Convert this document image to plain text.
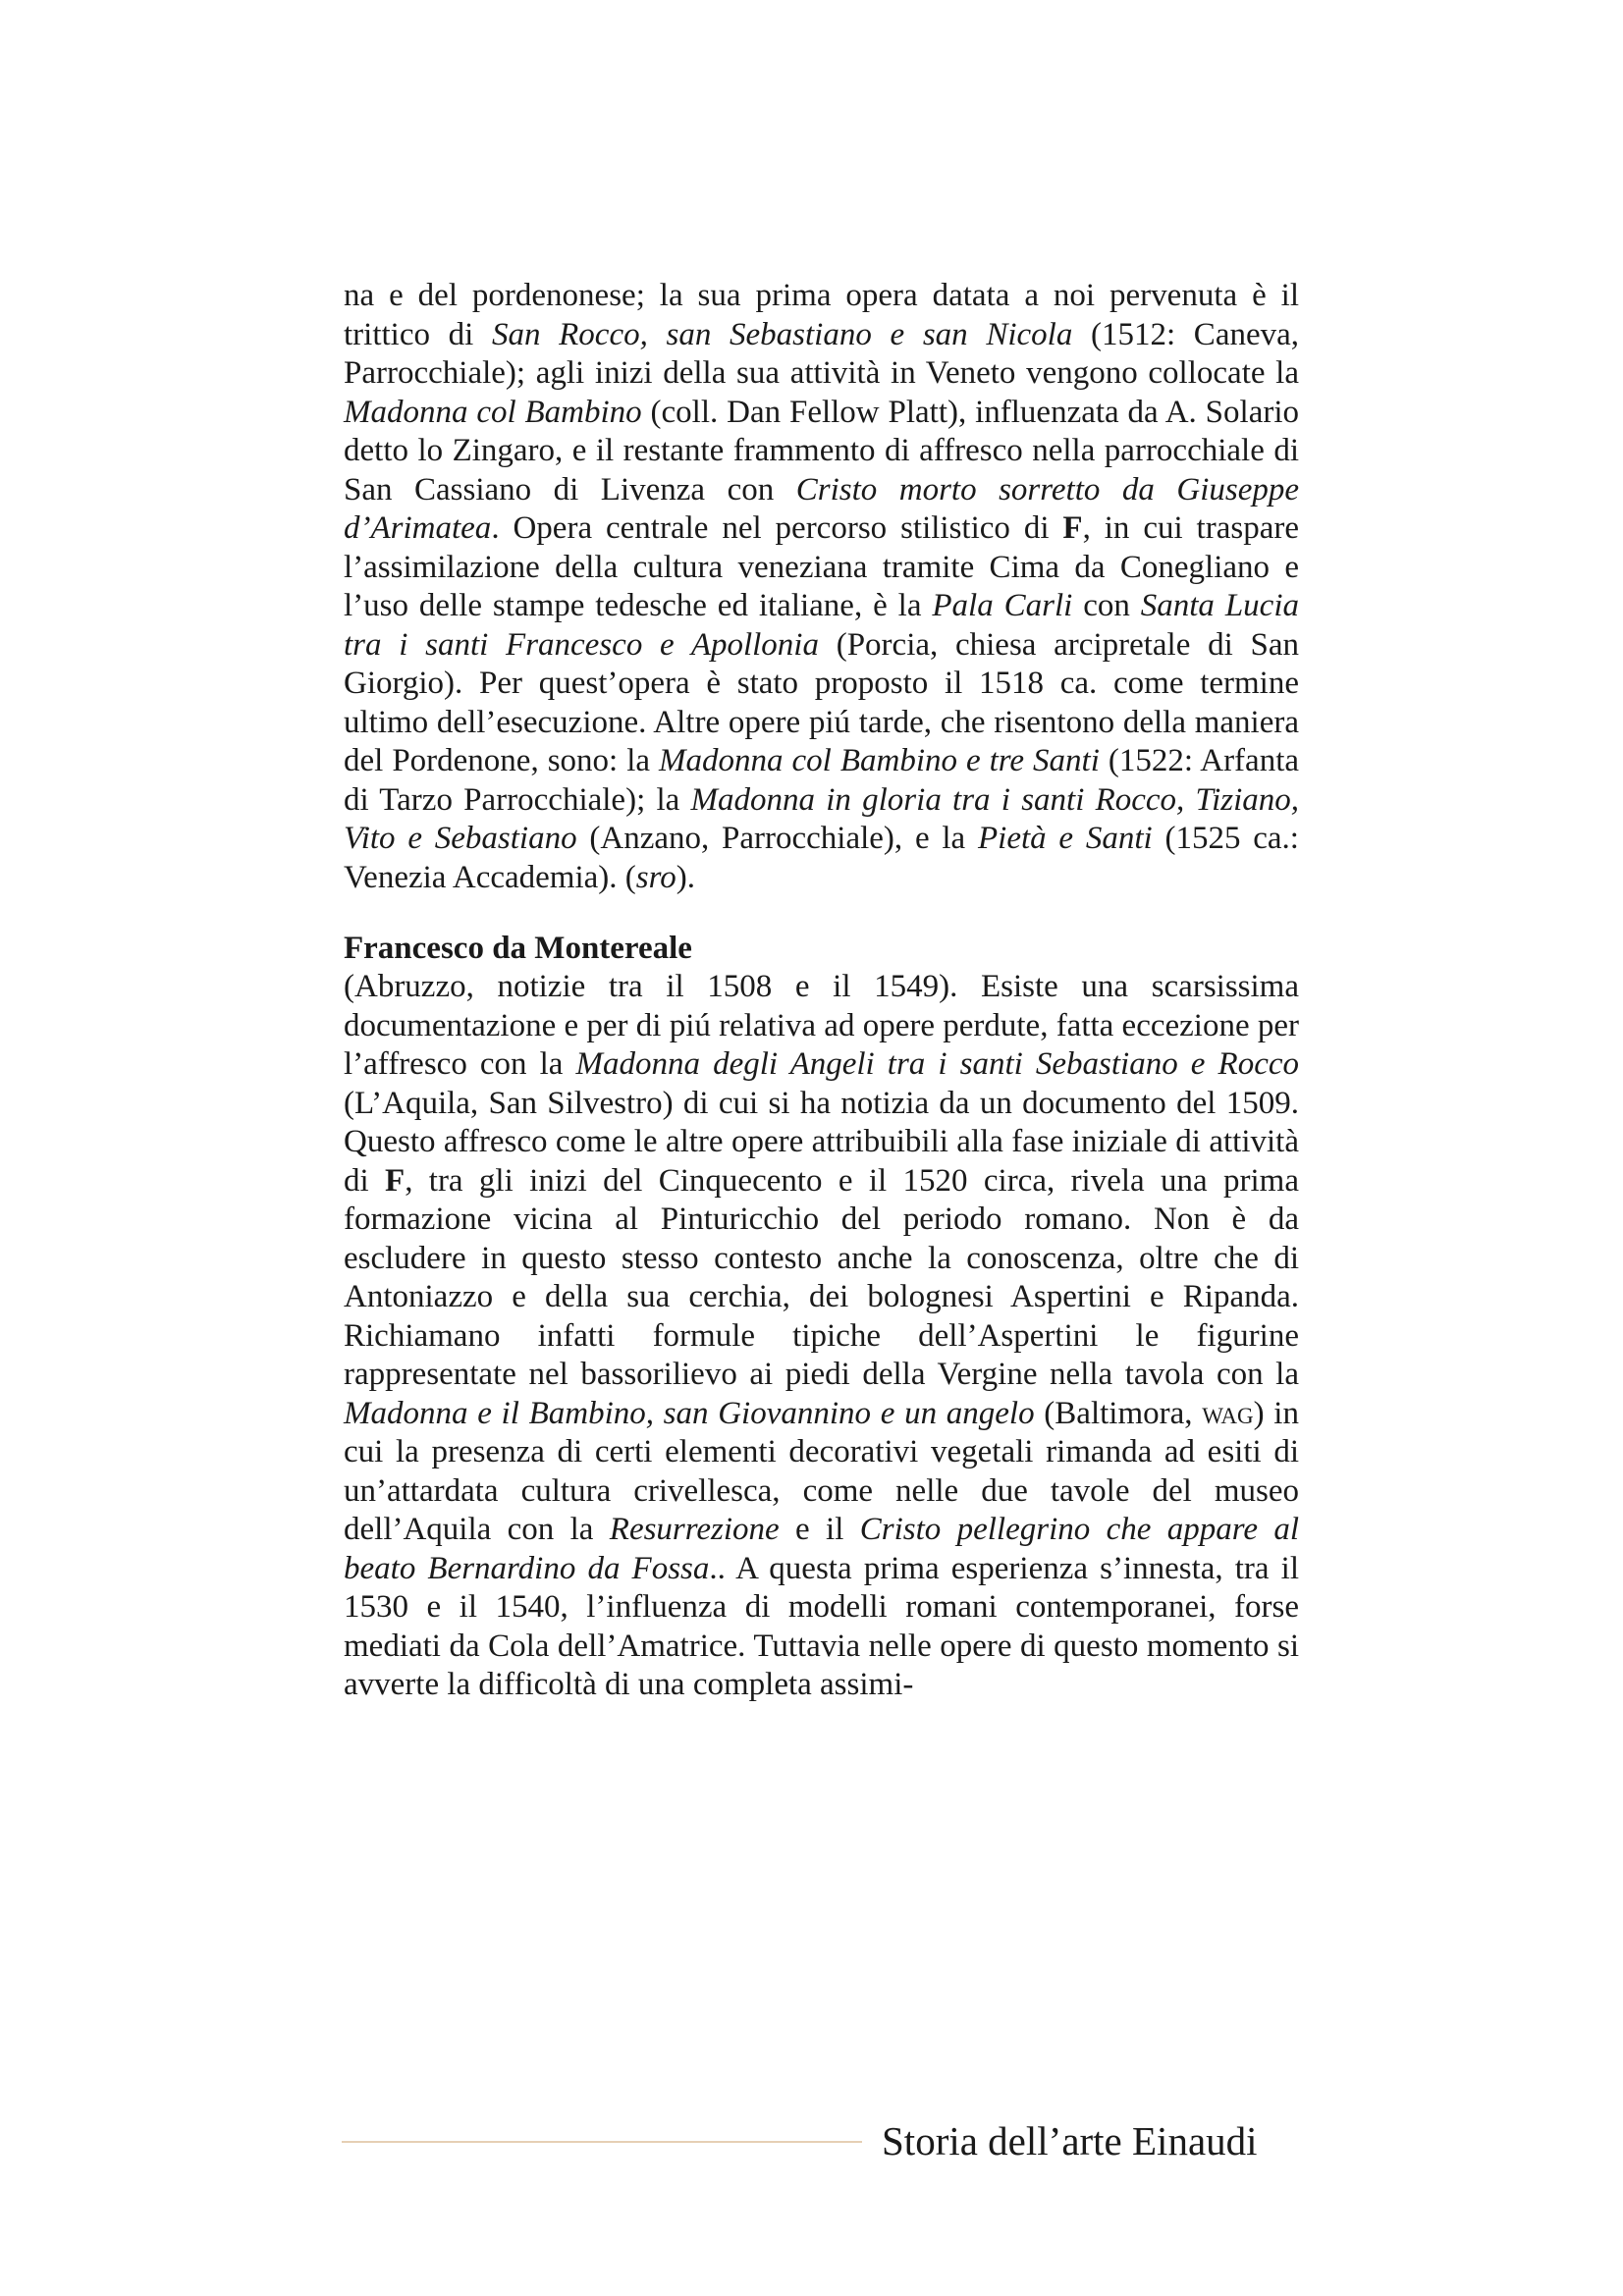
na e del pordenonese; la sua prima opera datata a noi pervenuta è il trittico di San Rocco, san Sebastiano e san Nicola (1512: Caneva, Parrocchiale); agli inizi della sua attività in Veneto vengono collocate la Madonna col Bambino (coll. Dan Fellow Platt), influenzata da A. Solario detto lo Zingaro, e il restante frammento di affresco nella parrocchiale di San Cassiano di Livenza con Cristo morto sorretto da Giuseppe d’Arimatea. Opera centrale nel percorso stilistico di F, in cui traspare l’assimilazione della cultura veneziana tramite Cima da Conegliano e l’uso delle stampe tedesche ed italiane, è la Pala Carli con Santa Lucia tra i santi Francesco e Apollonia (Porcia, chiesa arcipretale di San Giorgio). Per quest’opera è stato proposto il 1518 ca. come termine ultimo dell’esecuzione. Altre opere piú tarde, che risentono della maniera del Pordenone, sono: la Madonna col Bambino e tre Santi (1522: Arfanta di Tarzo Parrocchiale); la Madonna in gloria tra i santi Rocco, Tiziano, Vito e Sebastiano (Anzano, Parrocchiale), e la Pietà e Santi (1525 ca.: Venezia Accademia). (sro).

Francesco da Montereale

(Abruzzo, notizie tra il 1508 e il 1549). Esiste una scarsissima documentazione e per di piú relativa ad opere perdute, fatta eccezione per l’affresco con la Madonna degli Angeli tra i santi Sebastiano e Rocco (L’Aquila, San Silvestro) di cui si ha notizia da un documento del 1509. Questo affresco come le altre opere attribuibili alla fase iniziale di attività di F, tra gli inizi del Cinquecento e il 1520 circa, rivela una prima formazione vicina al Pinturicchio del periodo romano. Non è da escludere in questo stesso contesto anche la conoscenza, oltre che di Antoniazzo e della sua cerchia, dei bolognesi Aspertini e Ripanda. Richiamano infatti formule tipiche dell’Aspertini le figurine rappresentate nel bassorilievo ai piedi della Vergine nella tavola con la Madonna e il Bambino, san Giovannino e un angelo (Baltimora, wag) in cui la presenza di certi elementi decorativi vegetali rimanda ad esiti di un’attardata cultura crivellesca, come nelle due tavole del museo dell’Aquila con la Resurrezione e il Cristo pellegrino che appare al beato Bernardino da Fossa.. A questa prima esperienza s’innesta, tra il 1530 e il 1540, l’influenza di modelli romani contemporanei, forse mediati da Cola dell’Amatrice. Tuttavia nelle opere di questo momento si avverte la difficoltà di una completa assimi-

Storia dell’arte Einaudi
